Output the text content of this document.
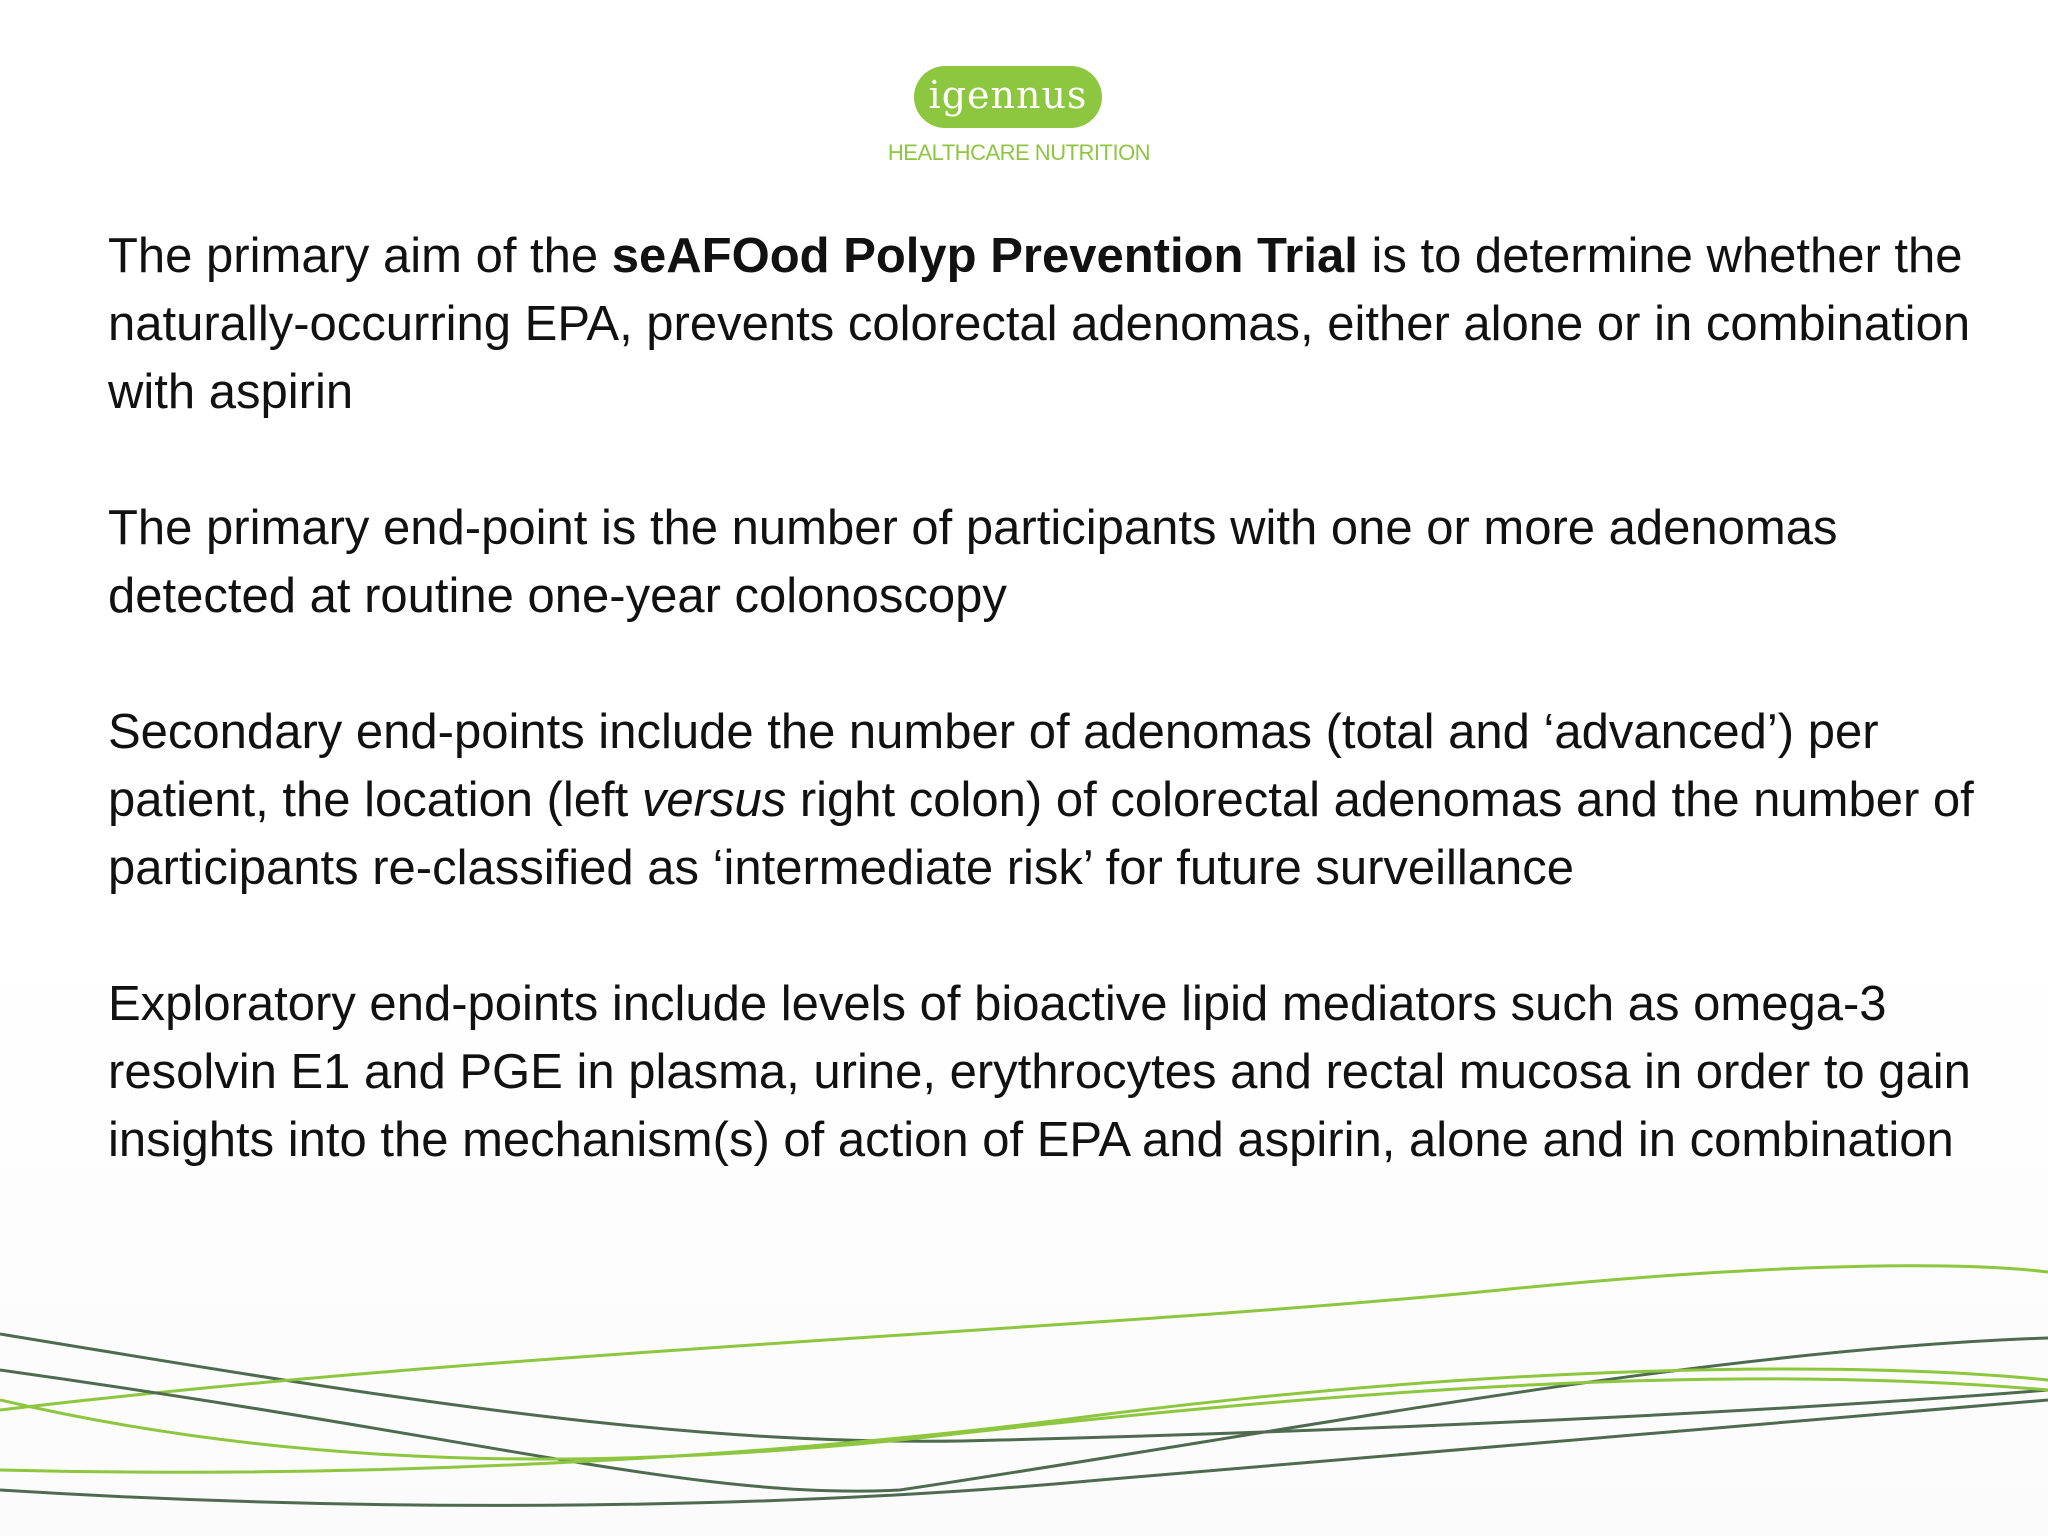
igennus
HEALTHCARE NUTRITION

The primary aim of the seAFOod Polyp Prevention Trial is to determine whether the naturally-occurring EPA, prevents colorectal adenomas, either alone or in combination with aspirin

The primary end-point is the number of participants with one or more adenomas detected at routine one-year colonoscopy

Secondary end-points include the number of adenomas (total and ‘advanced’) per patient, the location (left versus right colon) of colorectal adenomas and the number of participants re-classified as ‘intermediate risk’ for future surveillance

Exploratory end-points include levels of bioactive lipid mediators such as omega-3 resolvin E1 and PGE in plasma, urine, erythrocytes and rectal mucosa in order to gain insights into the mechanism(s) of action of EPA and aspirin, alone and in combination
